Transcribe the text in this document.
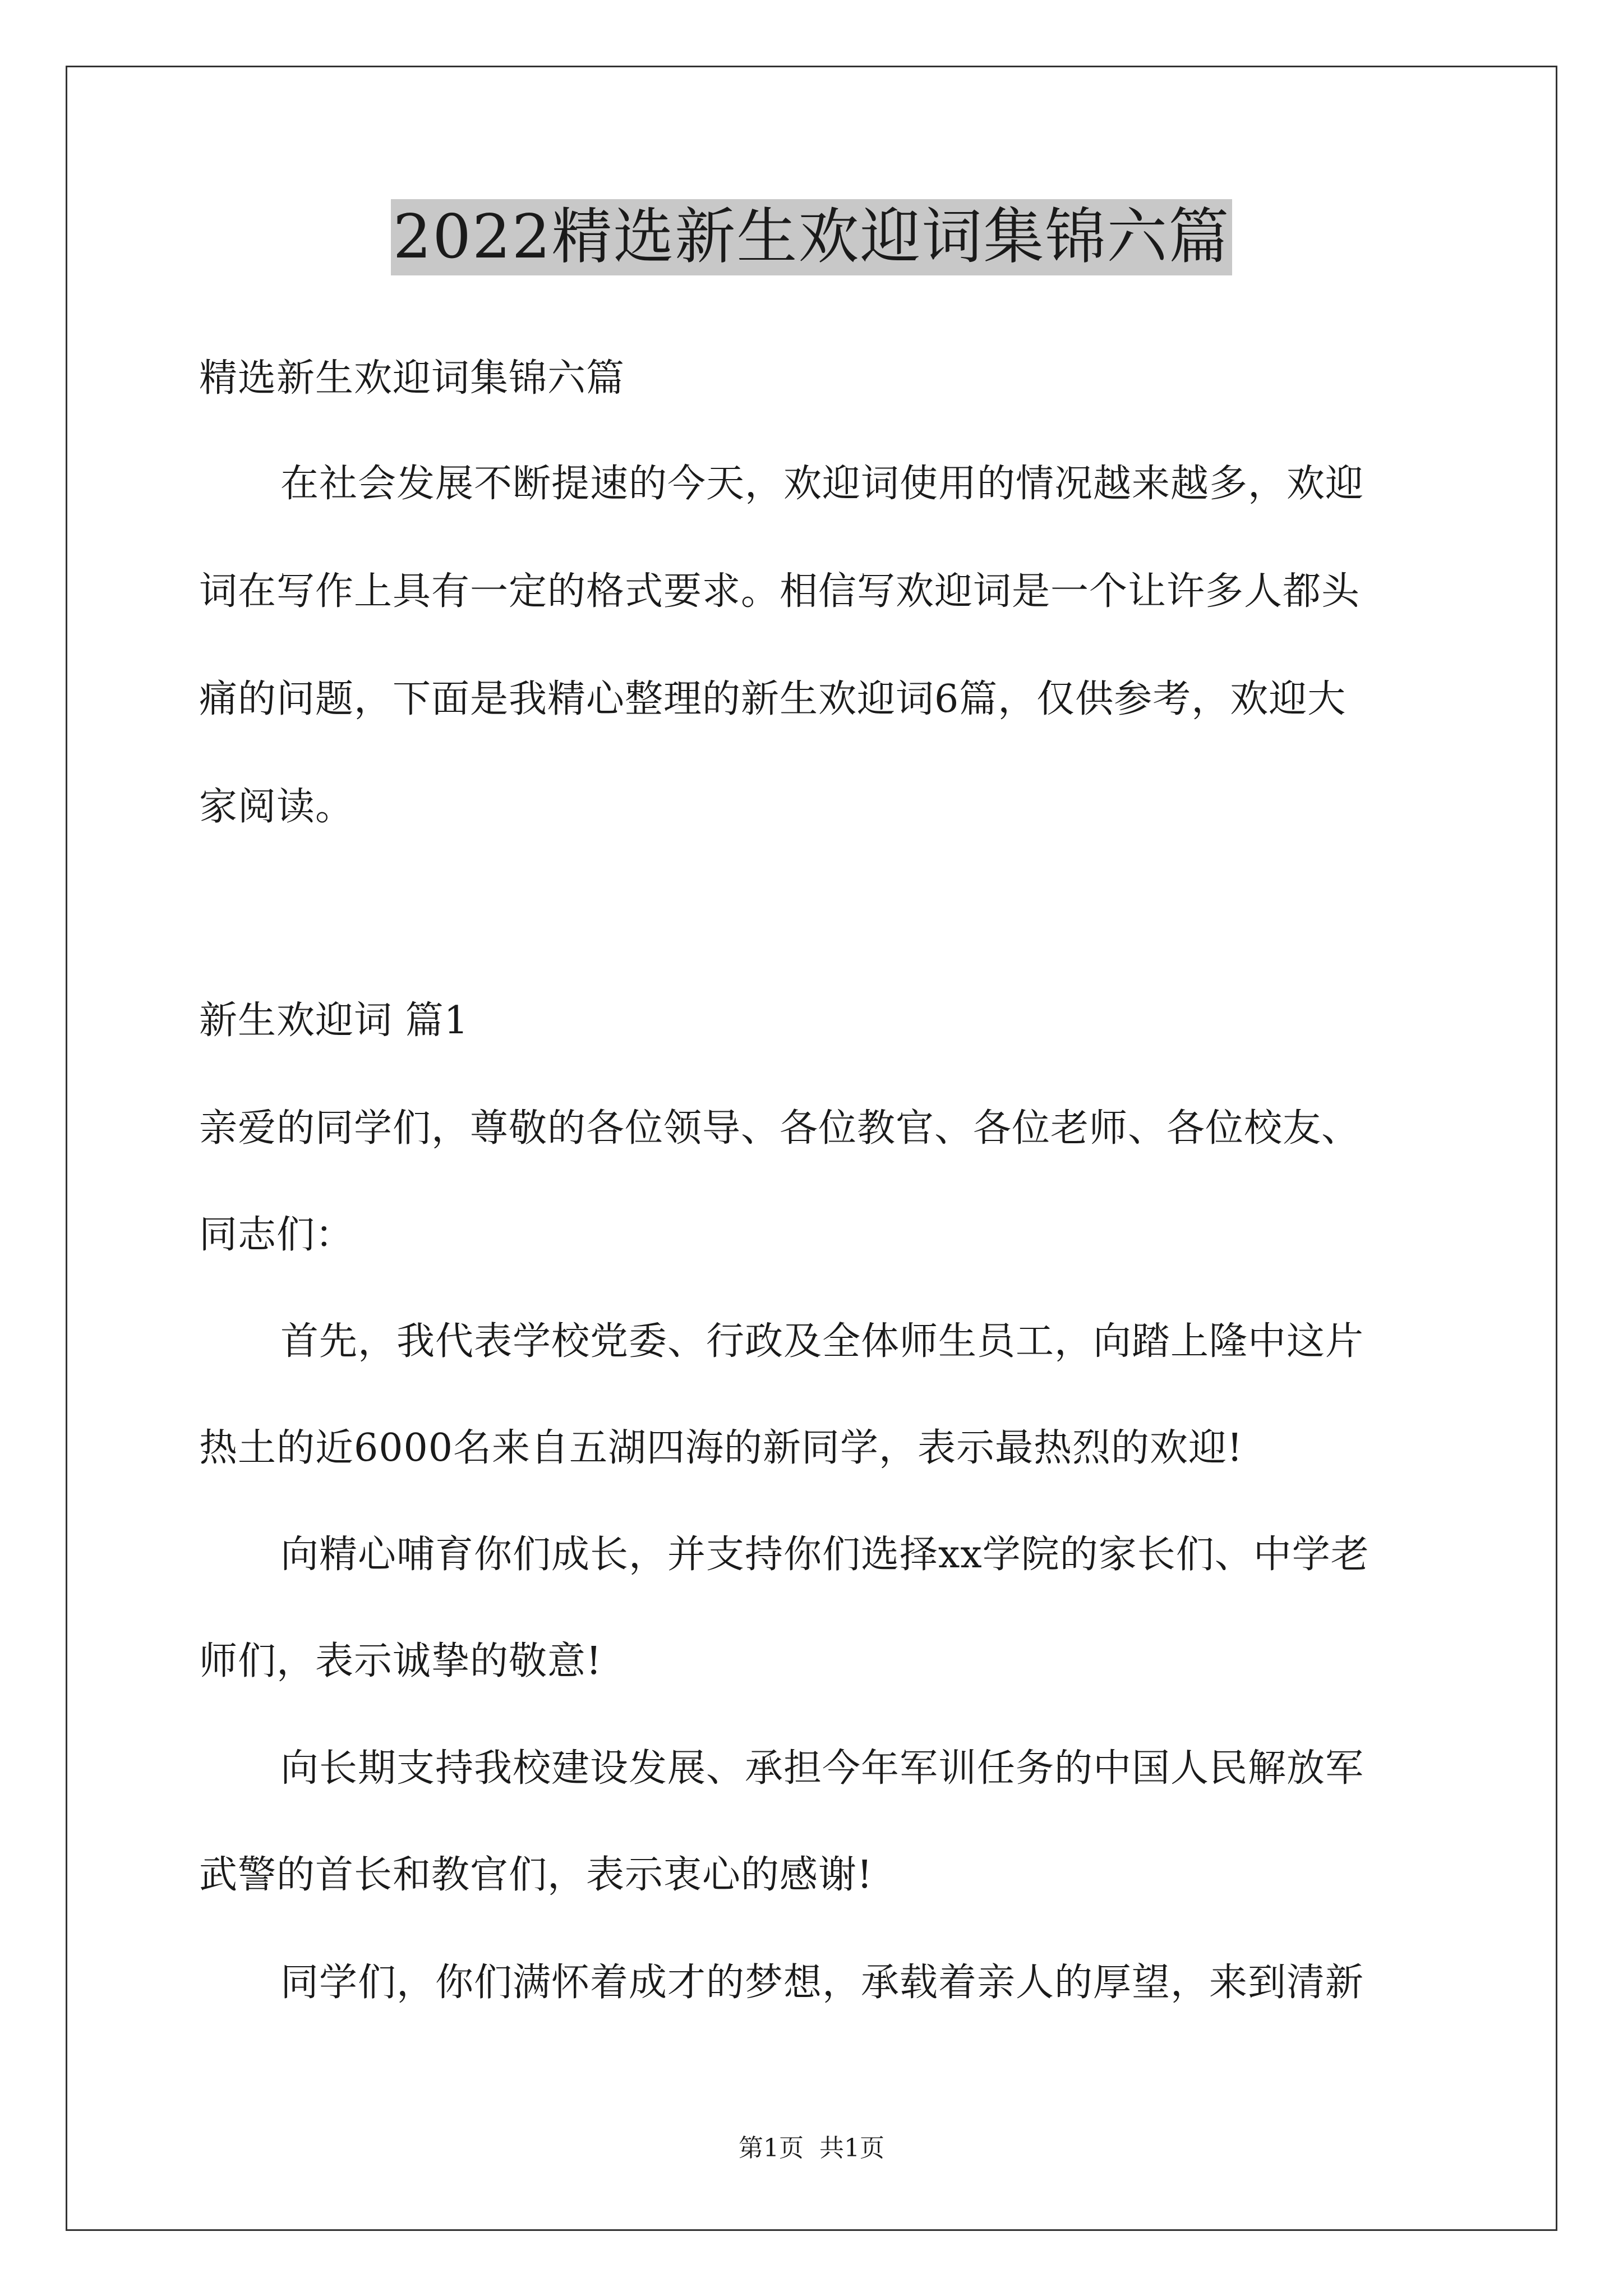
2022精选新生欢迎词集锦六篇
精选新生欢迎词集锦六篇
在社会发展不断提速的今天，欢迎词使用的情况越来越多，欢迎
词在写作上具有一定的格式要求。相信写欢迎词是一个让许多人都头
痛的问题，下面是我精心整理的新生欢迎词6篇，仅供参考，欢迎大
家阅读。
新生欢迎词 篇1
亲爱的同学们，尊敬的各位领导、各位教官、各位老师、各位校友、
同志们：
首先，我代表学校党委、行政及全体师生员工，向踏上隆中这片
热土的近6000名来自五湖四海的新同学，表示最热烈的欢迎!
向精心哺育你们成长，并支持你们选择xx学院的家长们、中学老
师们，表示诚挚的敬意!
向长期支持我校建设发展、承担今年军训任务的中国人民解放军
武警的首长和教官们，表示衷心的感谢!
同学们，你们满怀着成才的梦想，承载着亲人的厚望，来到清新
第1页 共1页
